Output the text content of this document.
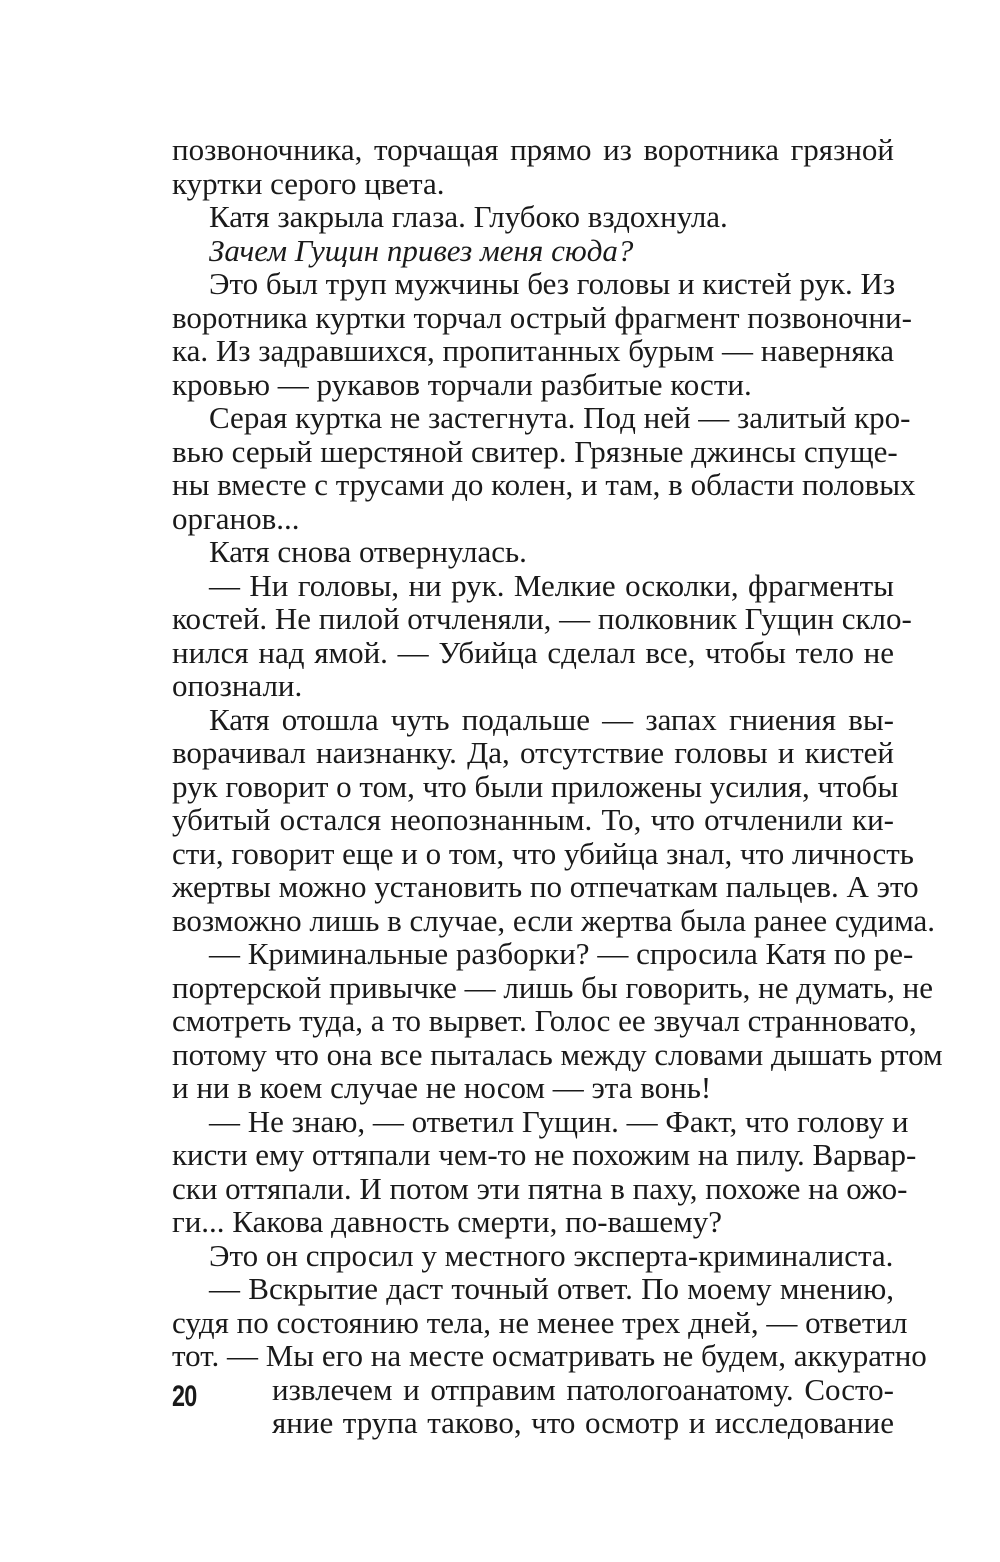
позвоночника, торчащая прямо из воротника грязной
куртки серого цвета.
Катя закрыла глаза. Глубоко вздохнула.
Зачем Гущин привез меня сюда?
Это был труп мужчины без головы и кистей рук. Из
воротника куртки торчал острый фрагмент позвоночни-
ка. Из задравшихся, пропитанных бурым — наверняка
кровью — рукавов торчали разбитые кости.
Серая куртка не застегнута. Под ней — залитый кро-
вью серый шерстяной свитер. Грязные джинсы спуще-
ны вместе с трусами до колен, и там, в области половых
органов...
Катя снова отвернулась.
— Ни головы, ни рук. Мелкие осколки, фрагменты
костей. Не пилой отчленяли, — полковник Гущин скло-
нился над ямой. — Убийца сделал все, чтобы тело не
опознали.
Катя отошла чуть подальше — запах гниения вы-
ворачивал наизнанку. Да, отсутствие головы и кистей
рук говорит о том, что были приложены усилия, чтобы
убитый остался неопознанным. То, что отчленили ки-
сти, говорит еще и о том, что убийца знал, что личность
жертвы можно установить по отпечаткам пальцев. А это
возможно лишь в случае, если жертва была ранее судима.
— Криминальные разборки? — спросила Катя по ре-
портерской привычке — лишь бы говорить, не думать, не
смотреть туда, а то вырвет. Голос ее звучал странновато,
потому что она все пыталась между словами дышать ртом
и ни в коем случае не носом — эта вонь!
— Не знаю, — ответил Гущин. — Факт, что голову и
кисти ему оттяпали чем-то не похожим на пилу. Варвар-
ски оттяпали. И потом эти пятна в паху, похоже на ожо-
ги... Какова давность смерти, по-вашему?
Это он спросил у местного эксперта-криминалиста.
— Вскрытие даст точный ответ. По моему мнению,
судя по состоянию тела, не менее трех дней, — ответил
тот. — Мы его на месте осматривать не будем, аккуратно
извлечем и отправим патологоанатому. Состо-
яние трупа таково, что осмотр и исследование
20
